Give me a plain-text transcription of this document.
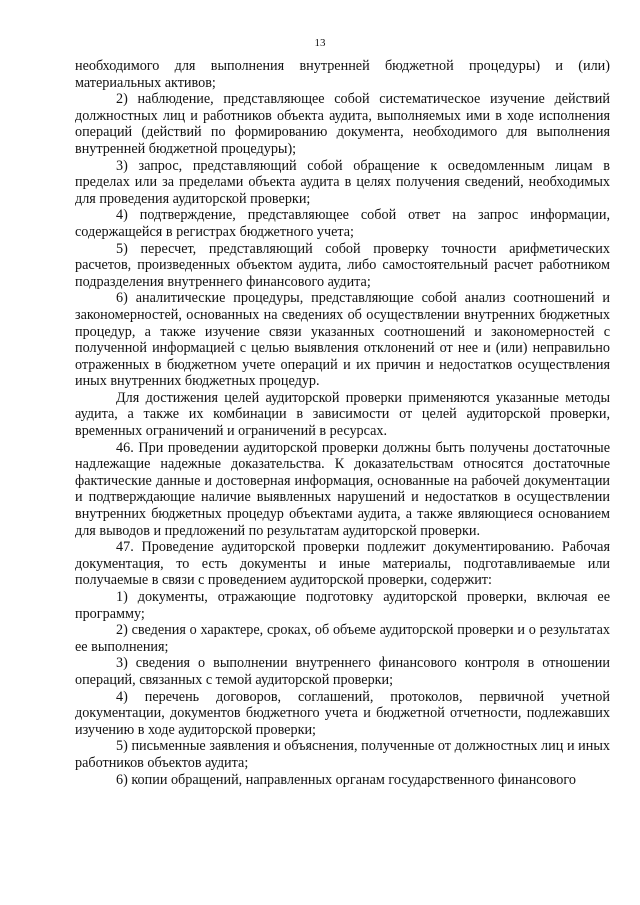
13

необходимого для выполнения внутренней бюджетной процедуры) и (или) материальных активов;

2) наблюдение, представляющее собой систематическое изучение действий должностных лиц и работников объекта аудита, выполняемых ими в ходе исполнения операций (действий по формированию документа, необходимого для выполнения внутренней бюджетной процедуры);

3) запрос, представляющий собой обращение к осведомленным лицам в пределах или за пределами объекта аудита в целях получения сведений, необходимых для проведения аудиторской проверки;

4) подтверждение, представляющее собой ответ на запрос информации, содержащейся в регистрах бюджетного учета;

5) пересчет, представляющий собой проверку точности арифметических расчетов, произведенных объектом аудита, либо самостоятельный расчет работником подразделения внутреннего финансового аудита;

6) аналитические процедуры, представляющие собой анализ соотношений и закономерностей, основанных на сведениях об осуществлении внутренних бюджетных процедур, а также изучение связи указанных соотношений и закономерностей с полученной информацией с целью выявления отклонений от нее и (или) неправильно отраженных в бюджетном учете операций и их причин и недостатков осуществления иных внутренних бюджетных процедур.

Для достижения целей аудиторской проверки применяются указанные методы аудита, а также их комбинации в зависимости от целей аудиторской проверки, временных ограничений и ограничений в ресурсах.

46. При проведении аудиторской проверки должны быть получены достаточные надлежащие надежные доказательства. К доказательствам относятся достаточные фактические данные и достоверная информация, основанные на рабочей документации и подтверждающие наличие выявленных нарушений и недостатков в осуществлении внутренних бюджетных процедур объектами аудита, а также являющиеся основанием для выводов и предложений по результатам аудиторской проверки.

47. Проведение аудиторской проверки подлежит документированию. Рабочая документация, то есть документы и иные материалы, подготавливаемые или получаемые в связи с проведением аудиторской проверки, содержит:

1) документы, отражающие подготовку аудиторской проверки, включая ее программу;

2) сведения о характере, сроках, об объеме аудиторской проверки и о результатах ее выполнения;

3) сведения о выполнении внутреннего финансового контроля в отношении операций, связанных с темой аудиторской проверки;

4) перечень договоров, соглашений, протоколов, первичной учетной документации, документов бюджетного учета и бюджетной отчетности, подлежавших изучению в ходе аудиторской проверки;

5) письменные заявления и объяснения, полученные от должностных лиц и иных работников объектов аудита;

6) копии обращений, направленных органам государственного финансового
